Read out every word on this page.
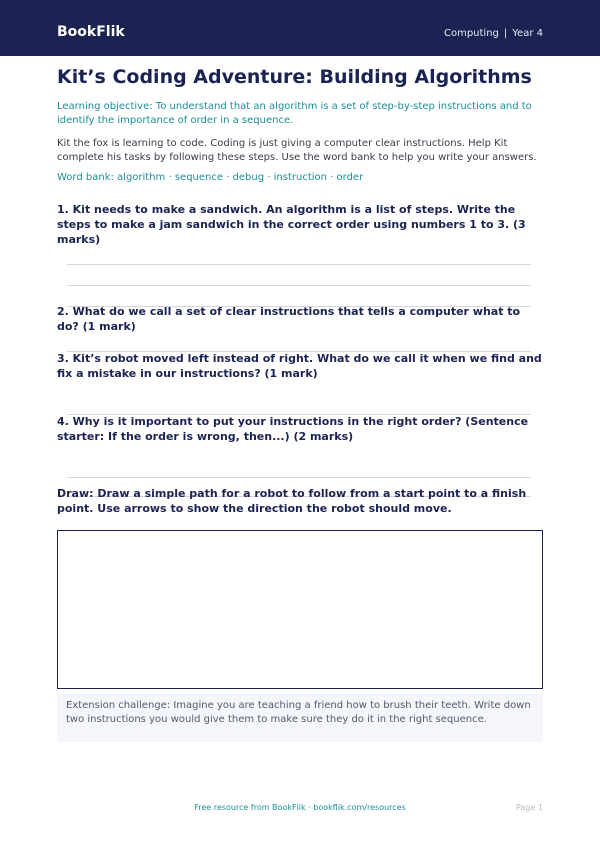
BookFlik	Computing | Year 4
Kit’s Coding Adventure: Building Algorithms

Learning objective: To understand that an algorithm is a set of step-by-step instructions and to identify the importance of order in a sequence.

Kit the fox is learning to code. Coding is just giving a computer clear instructions. Help Kit complete his tasks by following these steps. Use the word bank to help you write your answers.

Word bank: algorithm · sequence · debug · instruction · order

1. Kit needs to make a sandwich. An algorithm is a list of steps. Write the steps to make a jam sandwich in the correct order using numbers 1 to 3. (3 marks)

2. What do we call a set of clear instructions that tells a computer what to do? (1 mark)

3. Kit’s robot moved left instead of right. What do we call it when we find and fix a mistake in our instructions? (1 mark)

4. Why is it important to put your instructions in the right order? (Sentence starter: If the order is wrong, then...) (2 marks)

Draw: Draw a simple path for a robot to follow from a start point to a finish point. Use arrows to show the direction the robot should move.

Extension challenge: Imagine you are teaching a friend how to brush their teeth. Write down two instructions you would give them to make sure they do it in the right sequence.
Free resource from BookFlik · bookflik.com/resources	Page 1
